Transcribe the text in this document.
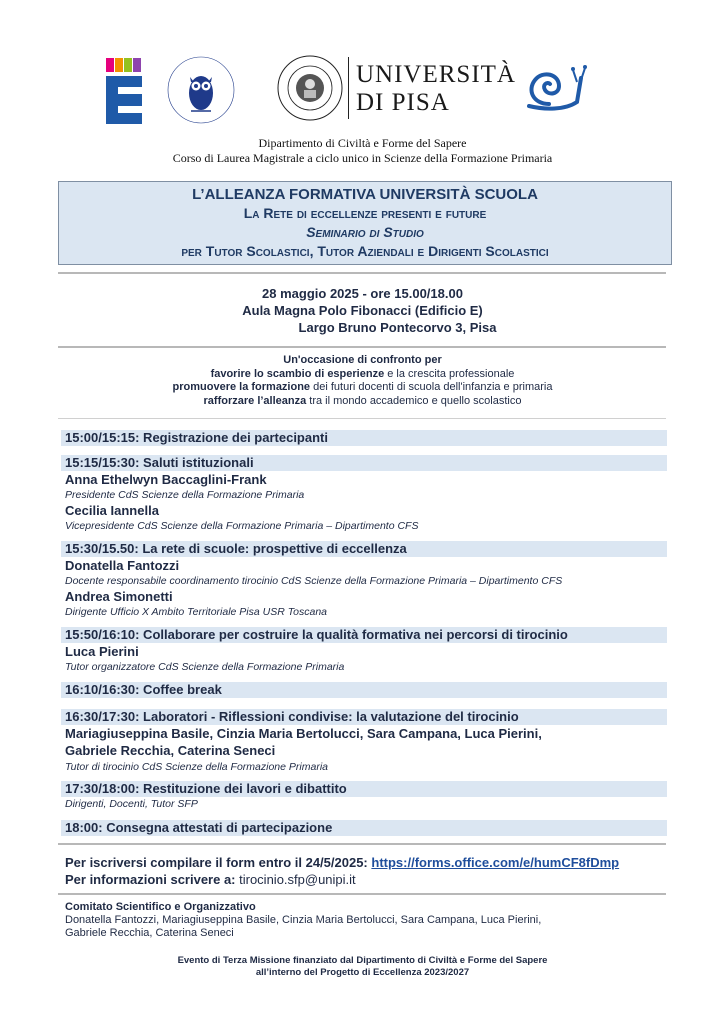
UNIVERSITÀ
DI PISA
Dipartimento di Civiltà e Forme del Sapere
Corso di Laurea Magistrale a ciclo unico in Scienze della Formazione Primaria
L’ALLEANZA FORMATIVA UNIVERSITÀ SCUOLA
La Rete di eccellenze presenti e future
Seminario di Studio
per Tutor Scolastici, Tutor Aziendali e Dirigenti Scolastici
28 maggio 2025 - ore 15.00/18.00
Aula Magna Polo Fibonacci (Edificio E)
Largo Bruno Pontecorvo 3, Pisa
Un'occasione di confronto per
favorire lo scambio di esperienze e la crescita professionale
promuovere la formazione dei futuri docenti di scuola dell'infanzia e primaria
rafforzare l’alleanza tra il mondo accademico e quello scolastico
15:00/15:15: Registrazione dei partecipanti
15:15/15:30: Saluti istituzionali
Anna Ethelwyn Baccaglini-Frank
Presidente CdS Scienze della Formazione Primaria
Cecilia Iannella
Vicepresidente CdS Scienze della Formazione Primaria – Dipartimento CFS
15:30/15.50: La rete di scuole: prospettive di eccellenza
Donatella Fantozzi
Docente responsabile coordinamento tirocinio CdS Scienze della Formazione Primaria – Dipartimento CFS
Andrea Simonetti
Dirigente Ufficio X Ambito Territoriale Pisa USR Toscana
15:50/16:10: Collaborare per costruire la qualità formativa nei percorsi di tirocinio
Luca Pierini
Tutor organizzatore CdS Scienze della Formazione Primaria
16:10/16:30: Coffee break
16:30/17:30: Laboratori - Riflessioni condivise: la valutazione del tirocinio
Mariagiuseppina Basile, Cinzia Maria Bertolucci, Sara Campana, Luca Pierini,
Gabriele Recchia, Caterina Seneci
Tutor di tirocinio CdS Scienze della Formazione Primaria
17:30/18:00: Restituzione dei lavori e dibattito
Dirigenti, Docenti, Tutor SFP
18:00: Consegna attestati di partecipazione
Per iscriversi compilare il form entro il 24/5/2025: https://forms.office.com/e/humCF8fDmp
Per informazioni scrivere a: tirocinio.sfp@unipi.it
Comitato Scientifico e Organizzativo
Donatella Fantozzi, Mariagiuseppina Basile, Cinzia Maria Bertolucci, Sara Campana, Luca Pierini,
Gabriele Recchia, Caterina Seneci
Evento di Terza Missione finanziato dal Dipartimento di Civiltà e Forme del Sapere
all’interno del Progetto di Eccellenza 2023/2027
